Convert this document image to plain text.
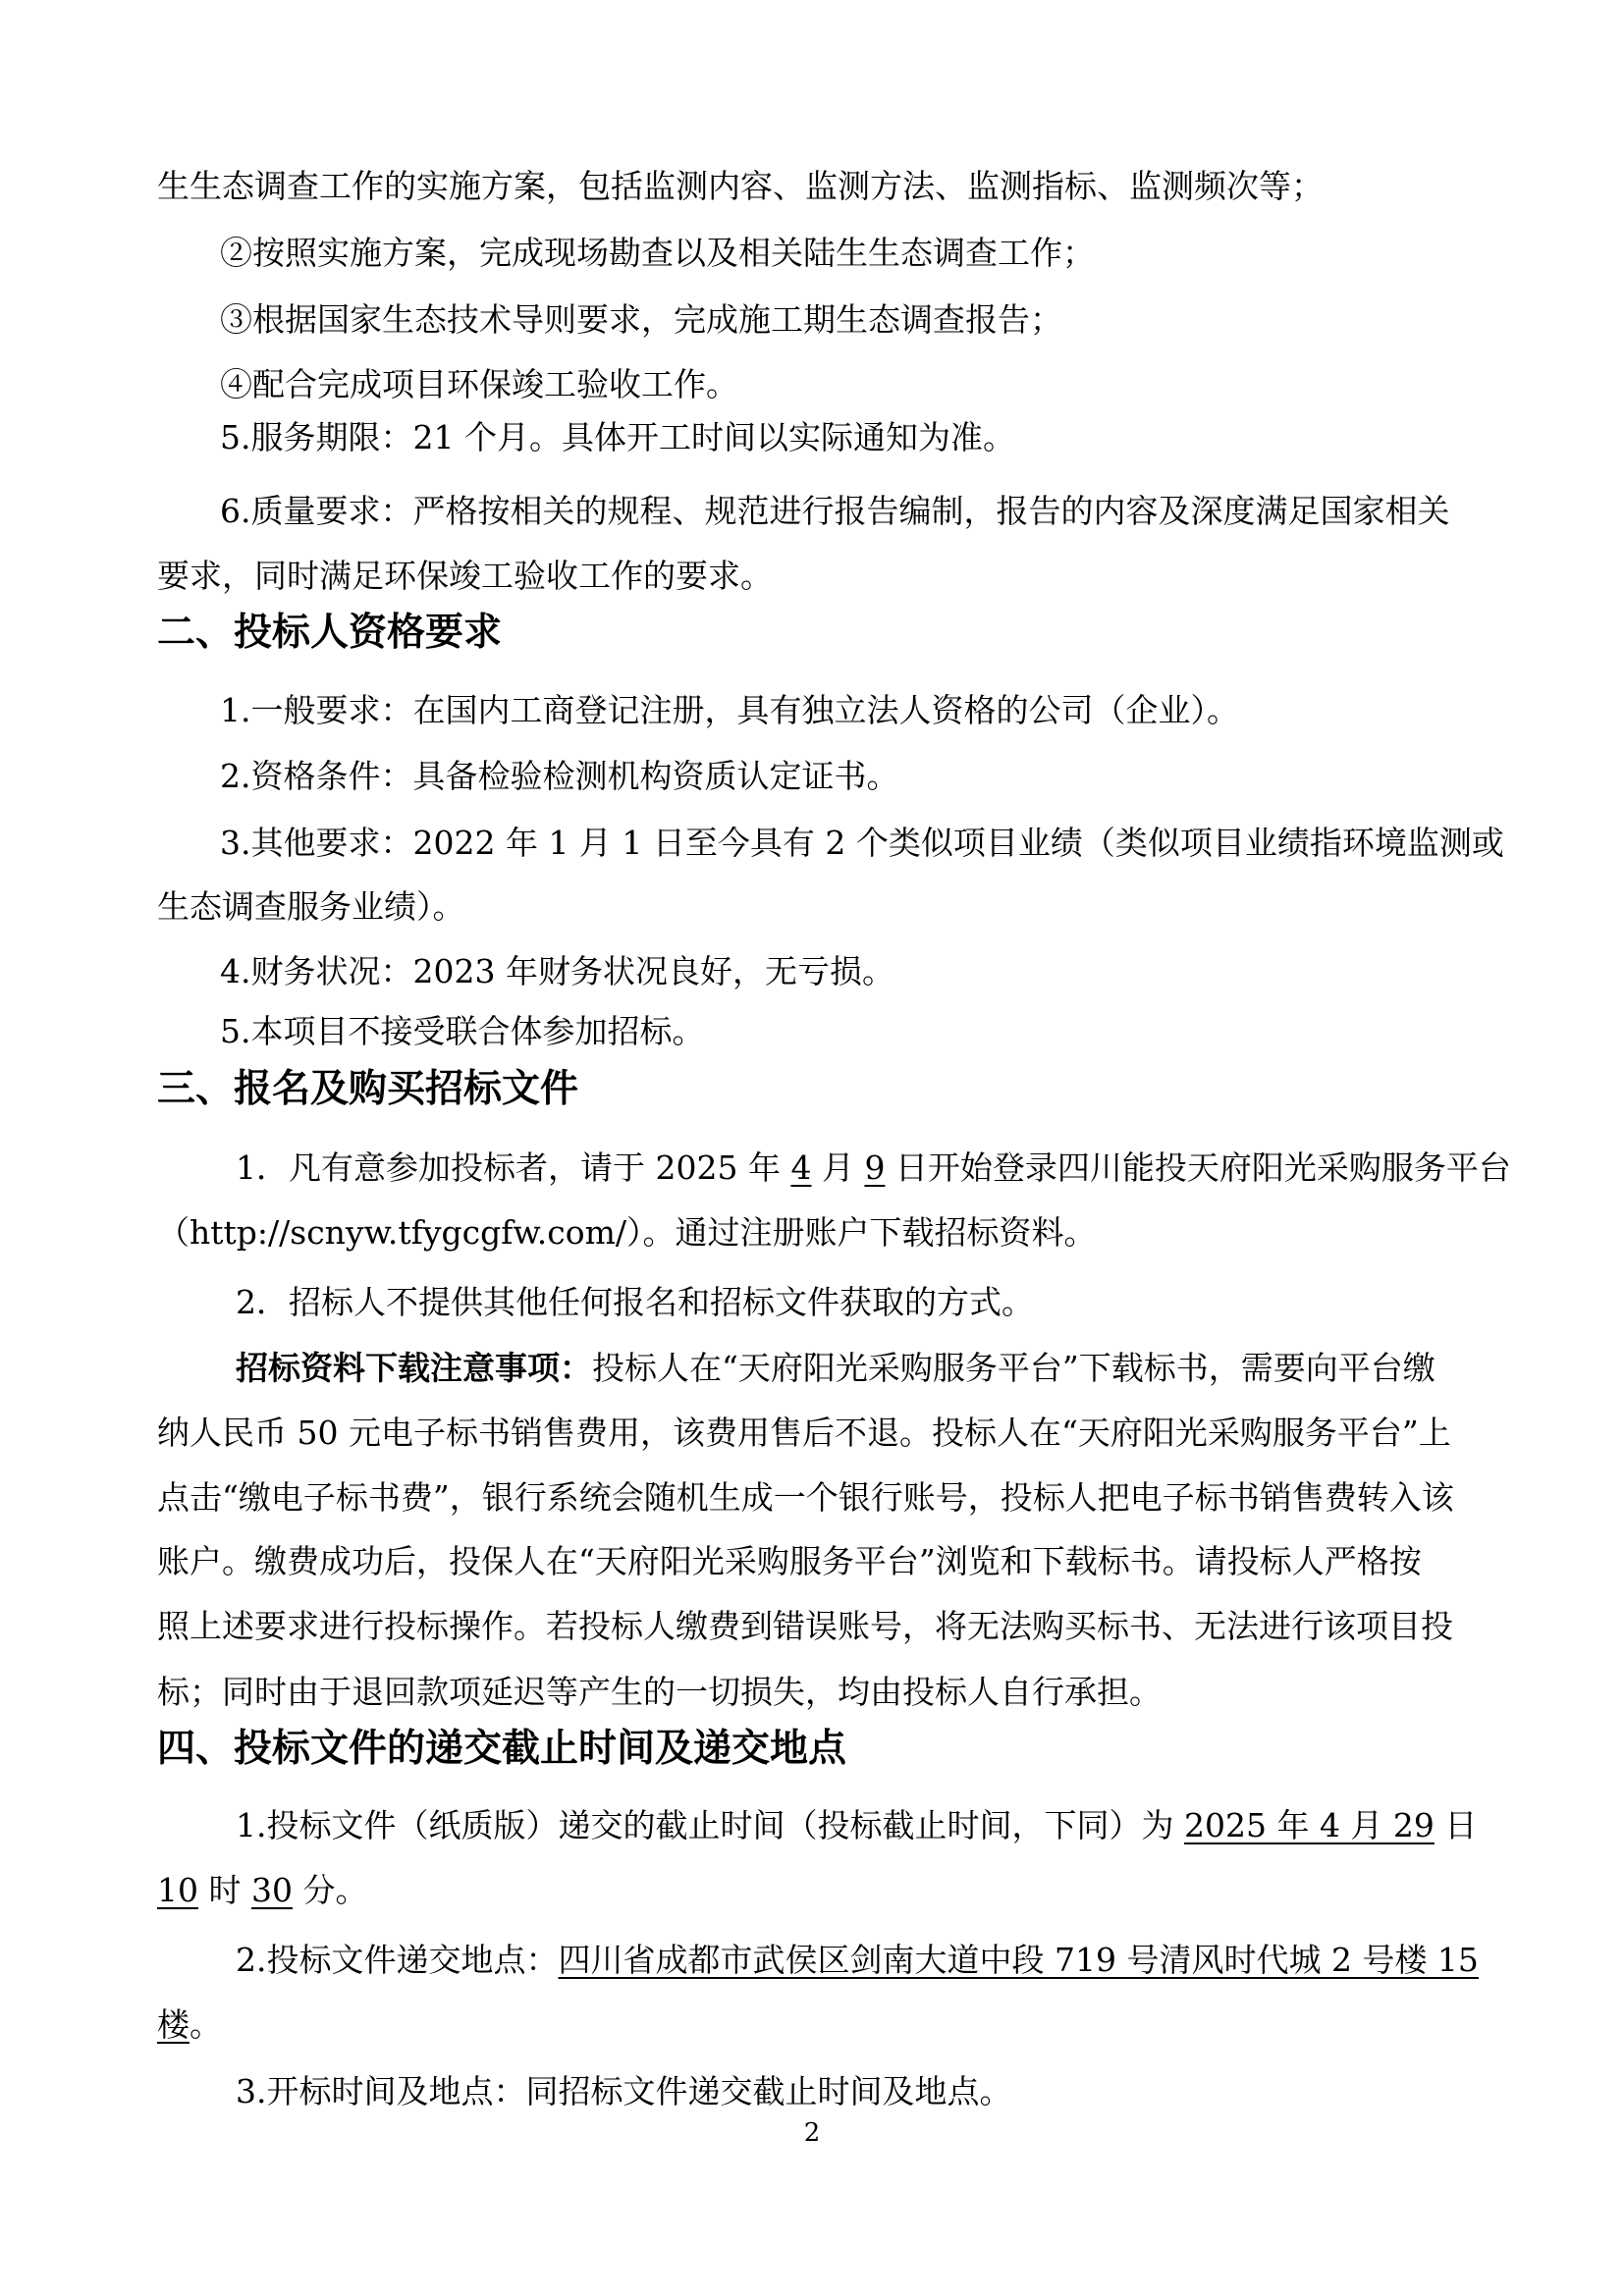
生生态调查工作的实施方案，包括监测内容、监测方法、监测指标、监测频次等；

②按照实施方案，完成现场勘查以及相关陆生生态调查工作；

③根据国家生态技术导则要求，完成施工期生态调查报告；

④配合完成项目环保竣工验收工作。

5.服务期限：21 个月。具体开工时间以实际通知为准。

6.质量要求：严格按相关的规程、规范进行报告编制，报告的内容及深度满足国家相关

要求，同时满足环保竣工验收工作的要求。

二、投标人资格要求

1.一般要求：在国内工商登记注册，具有独立法人资格的公司（企业）。

2.资格条件：具备检验检测机构资质认定证书。

3.其他要求：2022 年 1 月 1 日至今具有 2 个类似项目业绩（类似项目业绩指环境监测或

生态调查服务业绩）。

4.财务状况：2023 年财务状况良好，无亏损。

5.本项目不接受联合体参加招标。

三、报名及购买招标文件

1．凡有意参加投标者，请于 2025 年 4 月 9 日开始登录四川能投天府阳光采购服务平台

（http://scnyw.tfygcgfw.com/）。通过注册账户下载招标资料。

2．招标人不提供其他任何报名和招标文件获取的方式。

招标资料下载注意事项：投标人在“天府阳光采购服务平台”下载标书，需要向平台缴

纳人民币 50 元电子标书销售费用，该费用售后不退。投标人在“天府阳光采购服务平台”上

点击“缴电子标书费”，银行系统会随机生成一个银行账号，投标人把电子标书销售费转入该

账户。缴费成功后，投保人在“天府阳光采购服务平台”浏览和下载标书。请投标人严格按

照上述要求进行投标操作。若投标人缴费到错误账号，将无法购买标书、无法进行该项目投

标；同时由于退回款项延迟等产生的一切损失，均由投标人自行承担。

四、投标文件的递交截止时间及递交地点

1.投标文件（纸质版）递交的截止时间（投标截止时间，下同）为 2025 年 4 月 29 日

10 时 30 分。

2.投标文件递交地点：四川省成都市武侯区剑南大道中段 719 号清风时代城 2 号楼 15

楼。

3.开标时间及地点：同招标文件递交截止时间及地点。

2
